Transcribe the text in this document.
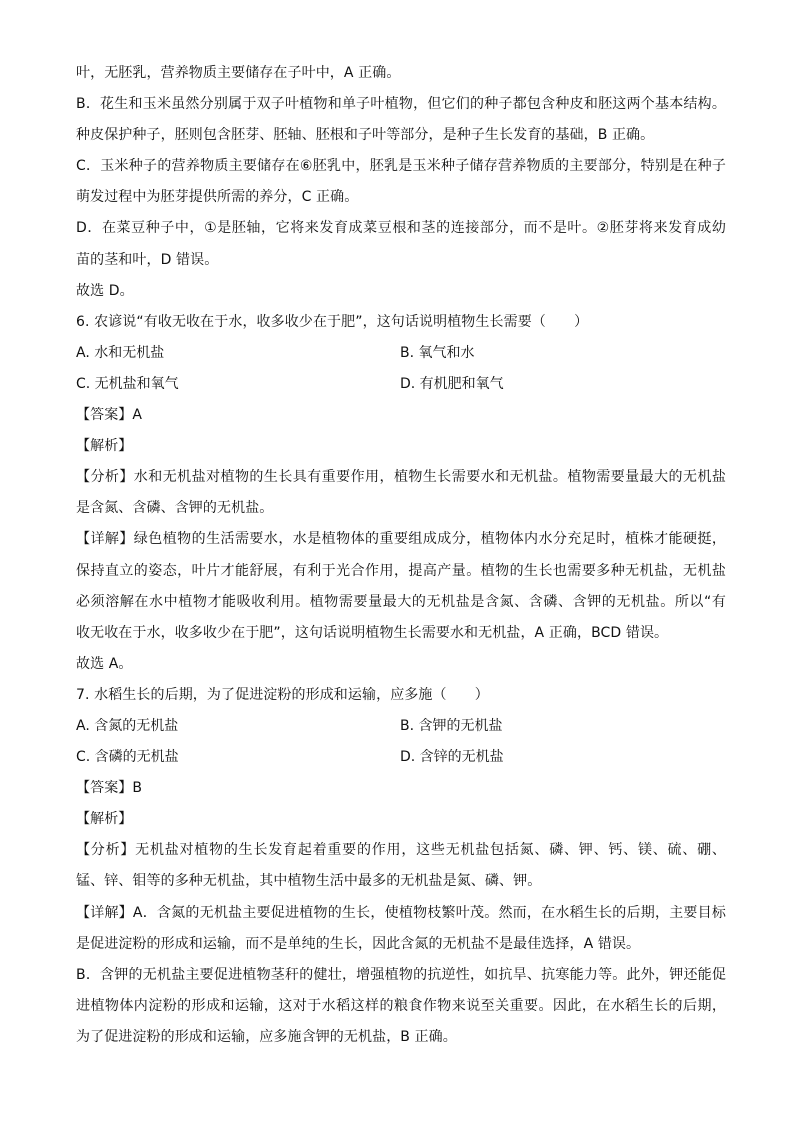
叶，无胚乳，营养物质主要储存在子叶中，A 正确。
B．花生和玉米虽然分别属于双子叶植物和单子叶植物，但它们的种子都包含种皮和胚这两个基本结构。
种皮保护种子，胚则包含胚芽、胚轴、胚根和子叶等部分，是种子生长发育的基础，B 正确。
C．玉米种子的营养物质主要储存在⑥胚乳中，胚乳是玉米种子储存营养物质的主要部分，特别是在种子
萌发过程中为胚芽提供所需的养分，C 正确。
D．在菜豆种子中，①是胚轴，它将来发育成菜豆根和茎的连接部分，而不是叶。②胚芽将来发育成幼
苗的茎和叶，D 错误。
故选 D。
6. 农谚说“有收无收在于水，收多收少在于肥”，这句话说明植物生长需要（　　）
A. 水和无机盐	B. 氧气和水
C. 无机盐和氧气	D. 有机肥和氧气
【答案】A
【解析】
【分析】水和无机盐对植物的生长具有重要作用，植物生长需要水和无机盐。植物需要量最大的无机盐
是含氮、含磷、含钾的无机盐。
【详解】绿色植物的生活需要水，水是植物体的重要组成成分，植物体内水分充足时，植株才能硬挺，
保持直立的姿态，叶片才能舒展，有利于光合作用，提高产量。植物的生长也需要多种无机盐，无机盐
必须溶解在水中植物才能吸收利用。植物需要量最大的无机盐是含氮、含磷、含钾的无机盐。所以“有
收无收在于水，收多收少在于肥”，这句话说明植物生长需要水和无机盐，A 正确，BCD 错误。
故选 A。
7. 水稻生长的后期，为了促进淀粉的形成和运输，应多施（　　）
A. 含氮的无机盐	B. 含钾的无机盐
C. 含磷的无机盐	D. 含锌的无机盐
【答案】B
【解析】
【分析】无机盐对植物的生长发育起着重要的作用，这些无机盐包括氮、磷、钾、钙、镁、硫、硼、
锰、锌、钼等的多种无机盐，其中植物生活中最多的无机盐是氮、磷、钾。
【详解】A．含氮的无机盐主要促进植物的生长，使植物枝繁叶茂。然而，在水稻生长的后期，主要目标
是促进淀粉的形成和运输，而不是单纯的生长，因此含氮的无机盐不是最佳选择，A 错误。
B．含钾的无机盐主要促进植物茎秆的健壮，增强植物的抗逆性，如抗旱、抗寒能力等。此外，钾还能促
进植物体内淀粉的形成和运输，这对于水稻这样的粮食作物来说至关重要。因此，在水稻生长的后期，
为了促进淀粉的形成和运输，应多施含钾的无机盐，B 正确。
